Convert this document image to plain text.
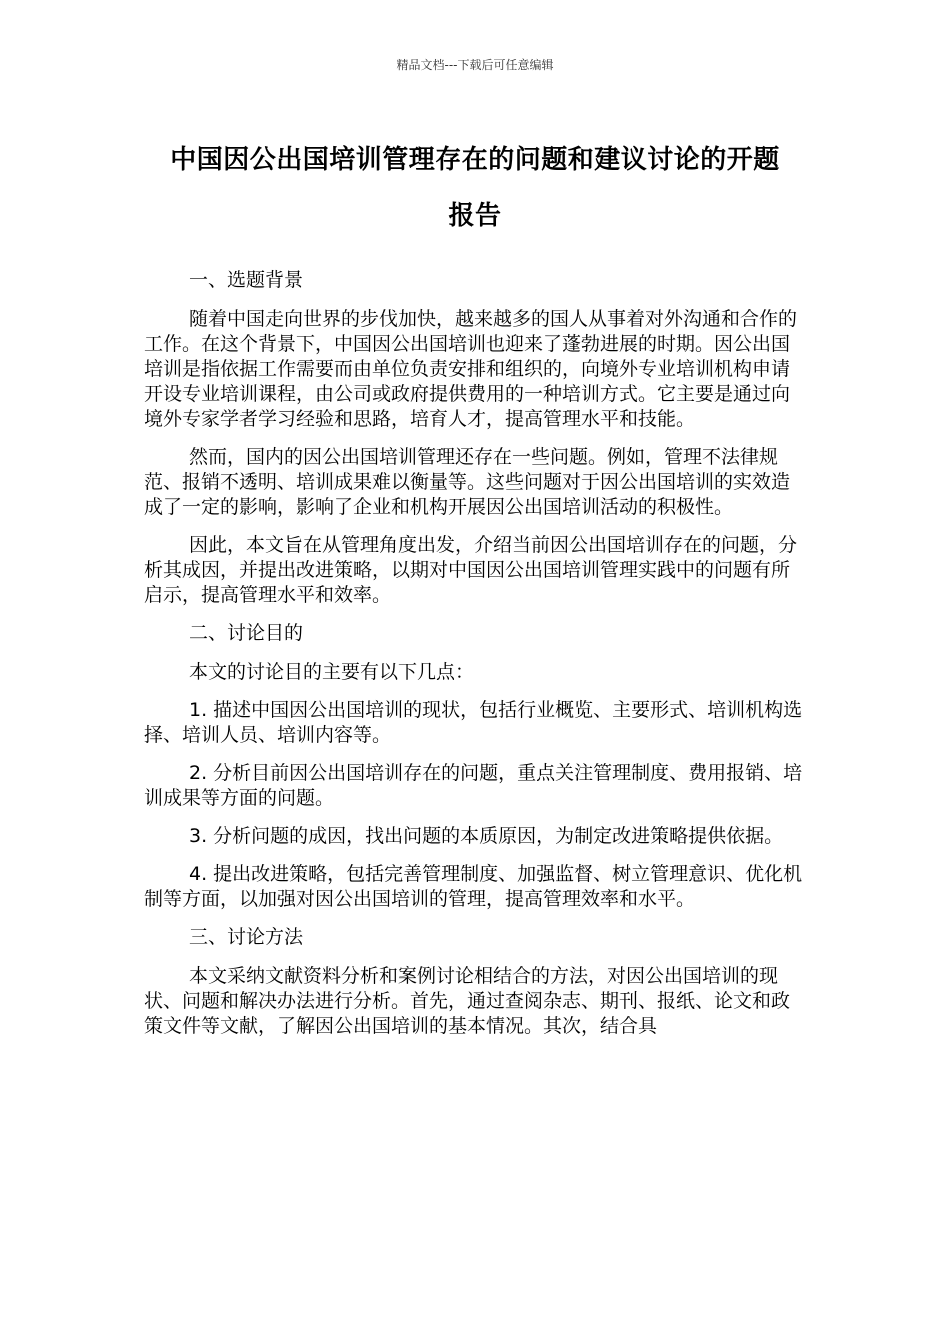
精品文档---下载后可任意编辑
中国因公出国培训管理存在的问题和建议讨论的开题
报告

一、选题背景

随着中国走向世界的步伐加快，越来越多的国人从事着对外沟通和合作的工作。在这个背景下，中国因公出国培训也迎来了蓬勃进展的时期。因公出国培训是指依据工作需要而由单位负责安排和组织的，向境外专业培训机构申请开设专业培训课程，由公司或政府提供费用的一种培训方式。它主要是通过向境外专家学者学习经验和思路，培育人才，提高管理水平和技能。

然而，国内的因公出国培训管理还存在一些问题。例如，管理不法律规范、报销不透明、培训成果难以衡量等。这些问题对于因公出国培训的实效造成了一定的影响，影响了企业和机构开展因公出国培训活动的积极性。

因此，本文旨在从管理角度出发，介绍当前因公出国培训存在的问题，分析其成因，并提出改进策略，以期对中国因公出国培训管理实践中的问题有所启示，提高管理水平和效率。

二、讨论目的

本文的讨论目的主要有以下几点：

1. 描述中国因公出国培训的现状，包括行业概览、主要形式、培训机构选择、培训人员、培训内容等。

2. 分析目前因公出国培训存在的问题，重点关注管理制度、费用报销、培训成果等方面的问题。

3. 分析问题的成因，找出问题的本质原因，为制定改进策略提供依据。

4. 提出改进策略，包括完善管理制度、加强监督、树立管理意识、优化机制等方面，以加强对因公出国培训的管理，提高管理效率和水平。

三、讨论方法

本文采纳文献资料分析和案例讨论相结合的方法，对因公出国培训的现状、问题和解决办法进行分析。首先，通过查阅杂志、期刊、报纸、论文和政策文件等文献，了解因公出国培训的基本情况。其次，结合具
